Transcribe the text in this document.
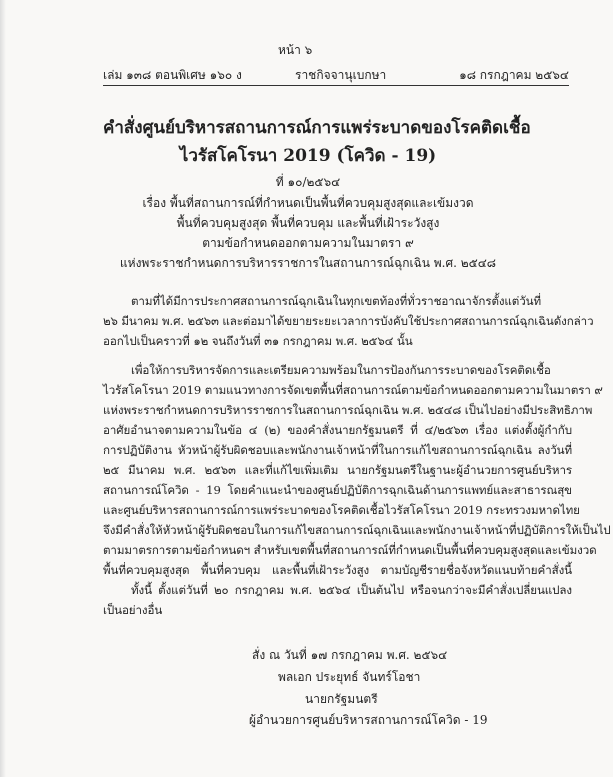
หน้า ๖
เล่ม ๑๓๘ ตอนพิเศษ ๑๖๐ ง	ราชกิจจานุเบกษา	๑๘ กรกฎาคม ๒๕๖๔
คำสั่งศูนย์บริหารสถานการณ์การแพร่ระบาดของโรคติดเชื้อ
ไวรัสโคโรนา 2019 (โควิด - 19)
ที่ ๑๐/๒๕๖๔
เรื่อง พื้นที่สถานการณ์ที่กำหนดเป็นพื้นที่ควบคุมสูงสุดและเข้มงวด
พื้นที่ควบคุมสูงสุด พื้นที่ควบคุม และพื้นที่เฝ้าระวังสูง
ตามข้อกำหนดออกตามความในมาตรา ๙
แห่งพระราชกำหนดการบริหารราชการในสถานการณ์ฉุกเฉิน พ.ศ. ๒๕๔๘
ตามที่ได้มีการประกาศสถานการณ์ฉุกเฉินในทุกเขตท้องที่ทั่วราชอาณาจักรตั้งแต่วันที่
๒๖ มีนาคม พ.ศ. ๒๕๖๓ และต่อมาได้ขยายระยะเวลาการบังคับใช้ประกาศสถานการณ์ฉุกเฉินดังกล่าว
ออกไปเป็นคราวที่ ๑๒ จนถึงวันที่ ๓๑ กรกฎาคม พ.ศ. ๒๕๖๔ นั้น
เพื่อให้การบริหารจัดการและเตรียมความพร้อมในการป้องกันการระบาดของโรคติดเชื้อ
ไวรัสโคโรนา 2019 ตามแนวทางการจัดเขตพื้นที่สถานการณ์ตามข้อกำหนดออกตามความในมาตรา ๙
แห่งพระราชกำหนดการบริหารราชการในสถานการณ์ฉุกเฉิน พ.ศ. ๒๕๔๘ เป็นไปอย่างมีประสิทธิภาพ
อาศัยอำนาจตามความในข้อ ๔ (๒) ของคำสั่งนายกรัฐมนตรี ที่ ๔/๒๕๖๓ เรื่อง แต่งตั้งผู้กำกับ
การปฏิบัติงาน หัวหน้าผู้รับผิดชอบและพนักงานเจ้าหน้าที่ในการแก้ไขสถานการณ์ฉุกเฉิน ลงวันที่
๒๕ มีนาคม พ.ศ. ๒๕๖๓ และที่แก้ไขเพิ่มเติม นายกรัฐมนตรีในฐานะผู้อำนวยการศูนย์บริหาร
สถานการณ์โควิด - 19 โดยคำแนะนำของศูนย์ปฏิบัติการฉุกเฉินด้านการแพทย์และสาธารณสุข
และศูนย์บริหารสถานการณ์การแพร่ระบาดของโรคติดเชื้อไวรัสโคโรนา 2019 กระทรวงมหาดไทย
จึงมีคำสั่งให้หัวหน้าผู้รับผิดชอบในการแก้ไขสถานการณ์ฉุกเฉินและพนักงานเจ้าหน้าที่ปฏิบัติการให้เป็นไป
ตามมาตรการตามข้อกำหนดฯ สำหรับเขตพื้นที่สถานการณ์ที่กำหนดเป็นพื้นที่ควบคุมสูงสุดและเข้มงวด
พื้นที่ควบคุมสูงสุด พื้นที่ควบคุม และพื้นที่เฝ้าระวังสูง ตามบัญชีรายชื่อจังหวัดแนบท้ายคำสั่งนี้
ทั้งนี้ ตั้งแต่วันที่ ๒๐ กรกฎาคม พ.ศ. ๒๕๖๔ เป็นต้นไป หรือจนกว่าจะมีคำสั่งเปลี่ยนแปลง
เป็นอย่างอื่น
สั่ง ณ วันที่ ๑๗ กรกฎาคม พ.ศ. ๒๕๖๔
พลเอก ประยุทธ์ จันทร์โอชา
นายกรัฐมนตรี
ผู้อำนวยการศูนย์บริหารสถานการณ์โควิด - 19
